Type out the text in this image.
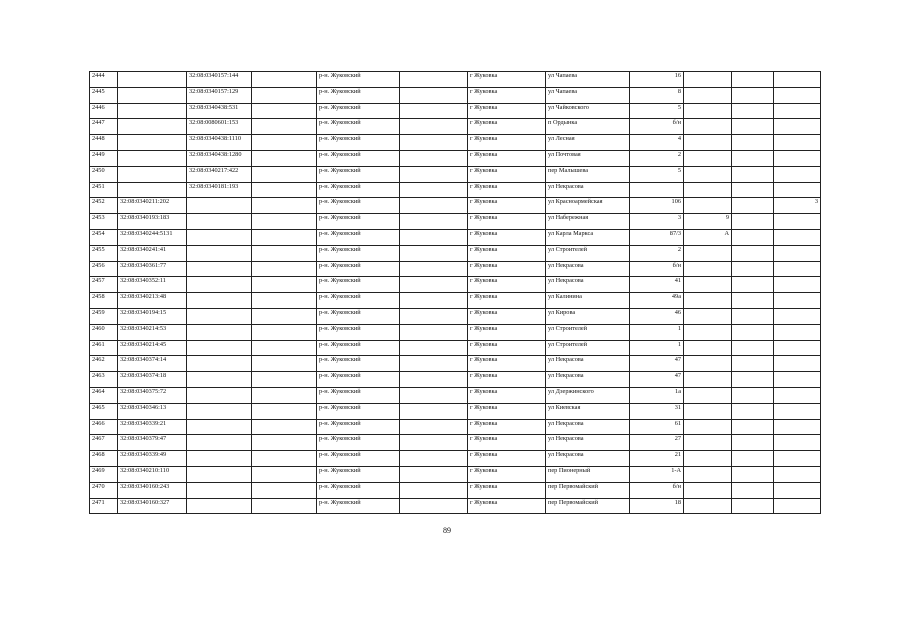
2444		32:08:0340157:144		р-н. Жуковский		г Жуковка	ул Чапаева	16			
2445		32:08:0340157:129		р-н. Жуковский		г Жуковка	ул Чапаева	8			
2446		32:08:0340438:531		р-н. Жуковский		г Жуковка	ул Чайковского	5			
2447		32:08:0080601:153		р-н. Жуковский		г Жуковка	п Ордынка	б/н			
2448		32:08:0340438:1110		р-н. Жуковский		г Жуковка	ул Лесная	4			
2449		32:08:0340438:1280		р-н. Жуковский		г Жуковка	ул Почтовая	2			
2450		32:08:0340217:422		р-н. Жуковский		г Жуковка	пер Малышева	5			
2451		32:08:0340181:193		р-н. Жуковский		г Жуковка	ул Некрасова				
2452	32:08:0340211:202			р-н. Жуковский		г Жуковка	ул Красноармейская	106			3
2453	32:08:0340193:183			р-н. Жуковский		г Жуковка	ул Набережная	3	9		
2454	32:08:0340244:5131			р-н. Жуковский		г Жуковка	ул Карла Маркса	87/3	А		
2455	32:08:0340241:41			р-н. Жуковский		г Жуковка	ул Строителей	2			
2456	32:08:0340361:77			р-н. Жуковский		г Жуковка	ул Некрасова	б/н			
2457	32:08:0340352:11			р-н. Жуковский		г Жуковка	ул Некрасова	41			
2458	32:08:0340213:48			р-н. Жуковский		г Жуковка	ул Калинина	49а			
2459	32:08:0340194:15			р-н. Жуковский		г Жуковка	ул Кирова	46			
2460	32:08:0340214:53			р-н. Жуковский		г Жуковка	ул Строителей	1			
2461	32:08:0340214:45			р-н. Жуковский		г Жуковка	ул Строителей	1			
2462	32:08:0340374:14			р-н. Жуковский		г Жуковка	ул Некрасова	47			
2463	32:08:0340374:18			р-н. Жуковский		г Жуковка	ул Некрасова	47			
2464	32:08:0340375:72			р-н. Жуковский		г Жуковка	ул Дзержинского	1а			
2465	32:08:0340346:13			р-н. Жуковский		г Жуковка	ул Киевская	31			
2466	32:08:0340339:21			р-н. Жуковский		г Жуковка	ул Некрасова	61			
2467	32:08:0340379:47			р-н. Жуковский		г Жуковка	ул Некрасова	27			
2468	32:08:0340339:49			р-н. Жуковский		г Жуковка	ул Некрасова	21			
2469	32:08:0340210:110			р-н. Жуковский		г Жуковка	пер Пионерный	1-А			
2470	32:08:0340160:243			р-н. Жуковский		г Жуковка	пер Первомайский	б/н			
2471	32:08:0340160:327			р-н. Жуковский		г Жуковка	пер Первомайский	18			
89
